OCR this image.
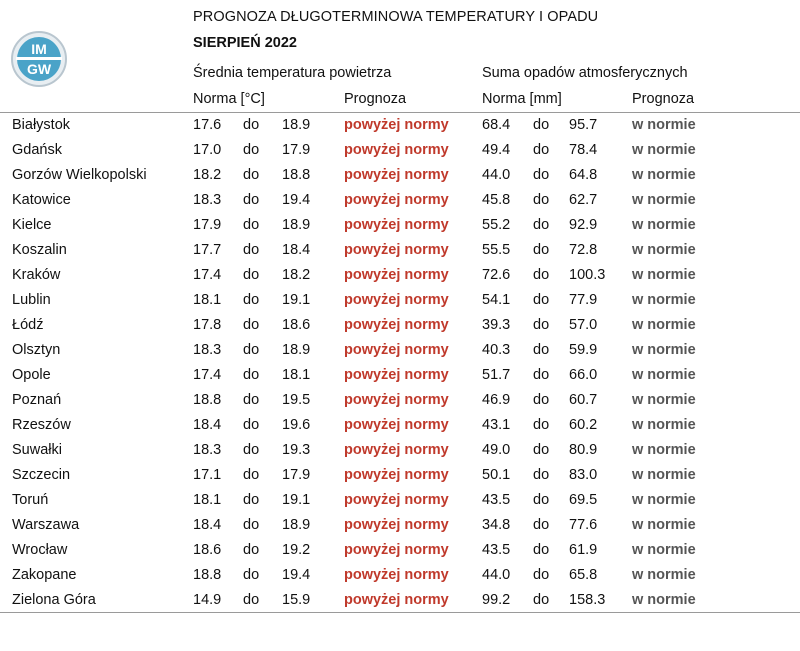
IM
GW
PROGNOZA DŁUGOTERMINOWA TEMPERATURY I OPADU
SIERPIEŃ 2022
Średnia temperatura powietrza	Suma opadów atmosferycznych
Norma [°C]	Prognoza	Norma [mm]	Prognoza
Białystok	17.6 do 18.9 powyżej normy 68.4 do 95.7 w normie
Gdańsk	17.0 do 17.9 powyżej normy 49.4 do 78.4 w normie
Gorzów Wielkopolski	18.2 do 18.8 powyżej normy 44.0 do 64.8 w normie
Katowice	18.3 do 19.4 powyżej normy 45.8 do 62.7 w normie
Kielce	17.9 do 18.9 powyżej normy 55.2 do 92.9 w normie
Koszalin	17.7 do 18.4 powyżej normy 55.5 do 72.8 w normie
Kraków	17.4 do 18.2 powyżej normy 72.6 do 100.3 w normie
Lublin	18.1 do 19.1 powyżej normy 54.1 do 77.9 w normie
Łódź	17.8 do 18.6 powyżej normy 39.3 do 57.0 w normie
Olsztyn	18.3 do 18.9 powyżej normy 40.3 do 59.9 w normie
Opole	17.4 do 18.1 powyżej normy 51.7 do 66.0 w normie
Poznań	18.8 do 19.5 powyżej normy 46.9 do 60.7 w normie
Rzeszów	18.4 do 19.6 powyżej normy 43.1 do 60.2 w normie
Suwałki	18.3 do 19.3 powyżej normy 49.0 do 80.9 w normie
Szczecin	17.1 do 17.9 powyżej normy 50.1 do 83.0 w normie
Toruń	18.1 do 19.1 powyżej normy 43.5 do 69.5 w normie
Warszawa	18.4 do 18.9 powyżej normy 34.8 do 77.6 w normie
Wrocław	18.6 do 19.2 powyżej normy 43.5 do 61.9 w normie
Zakopane	18.8 do 19.4 powyżej normy 44.0 do 65.8 w normie
Zielona Góra	14.9 do 15.9 powyżej normy 99.2 do 158.3 w normie
